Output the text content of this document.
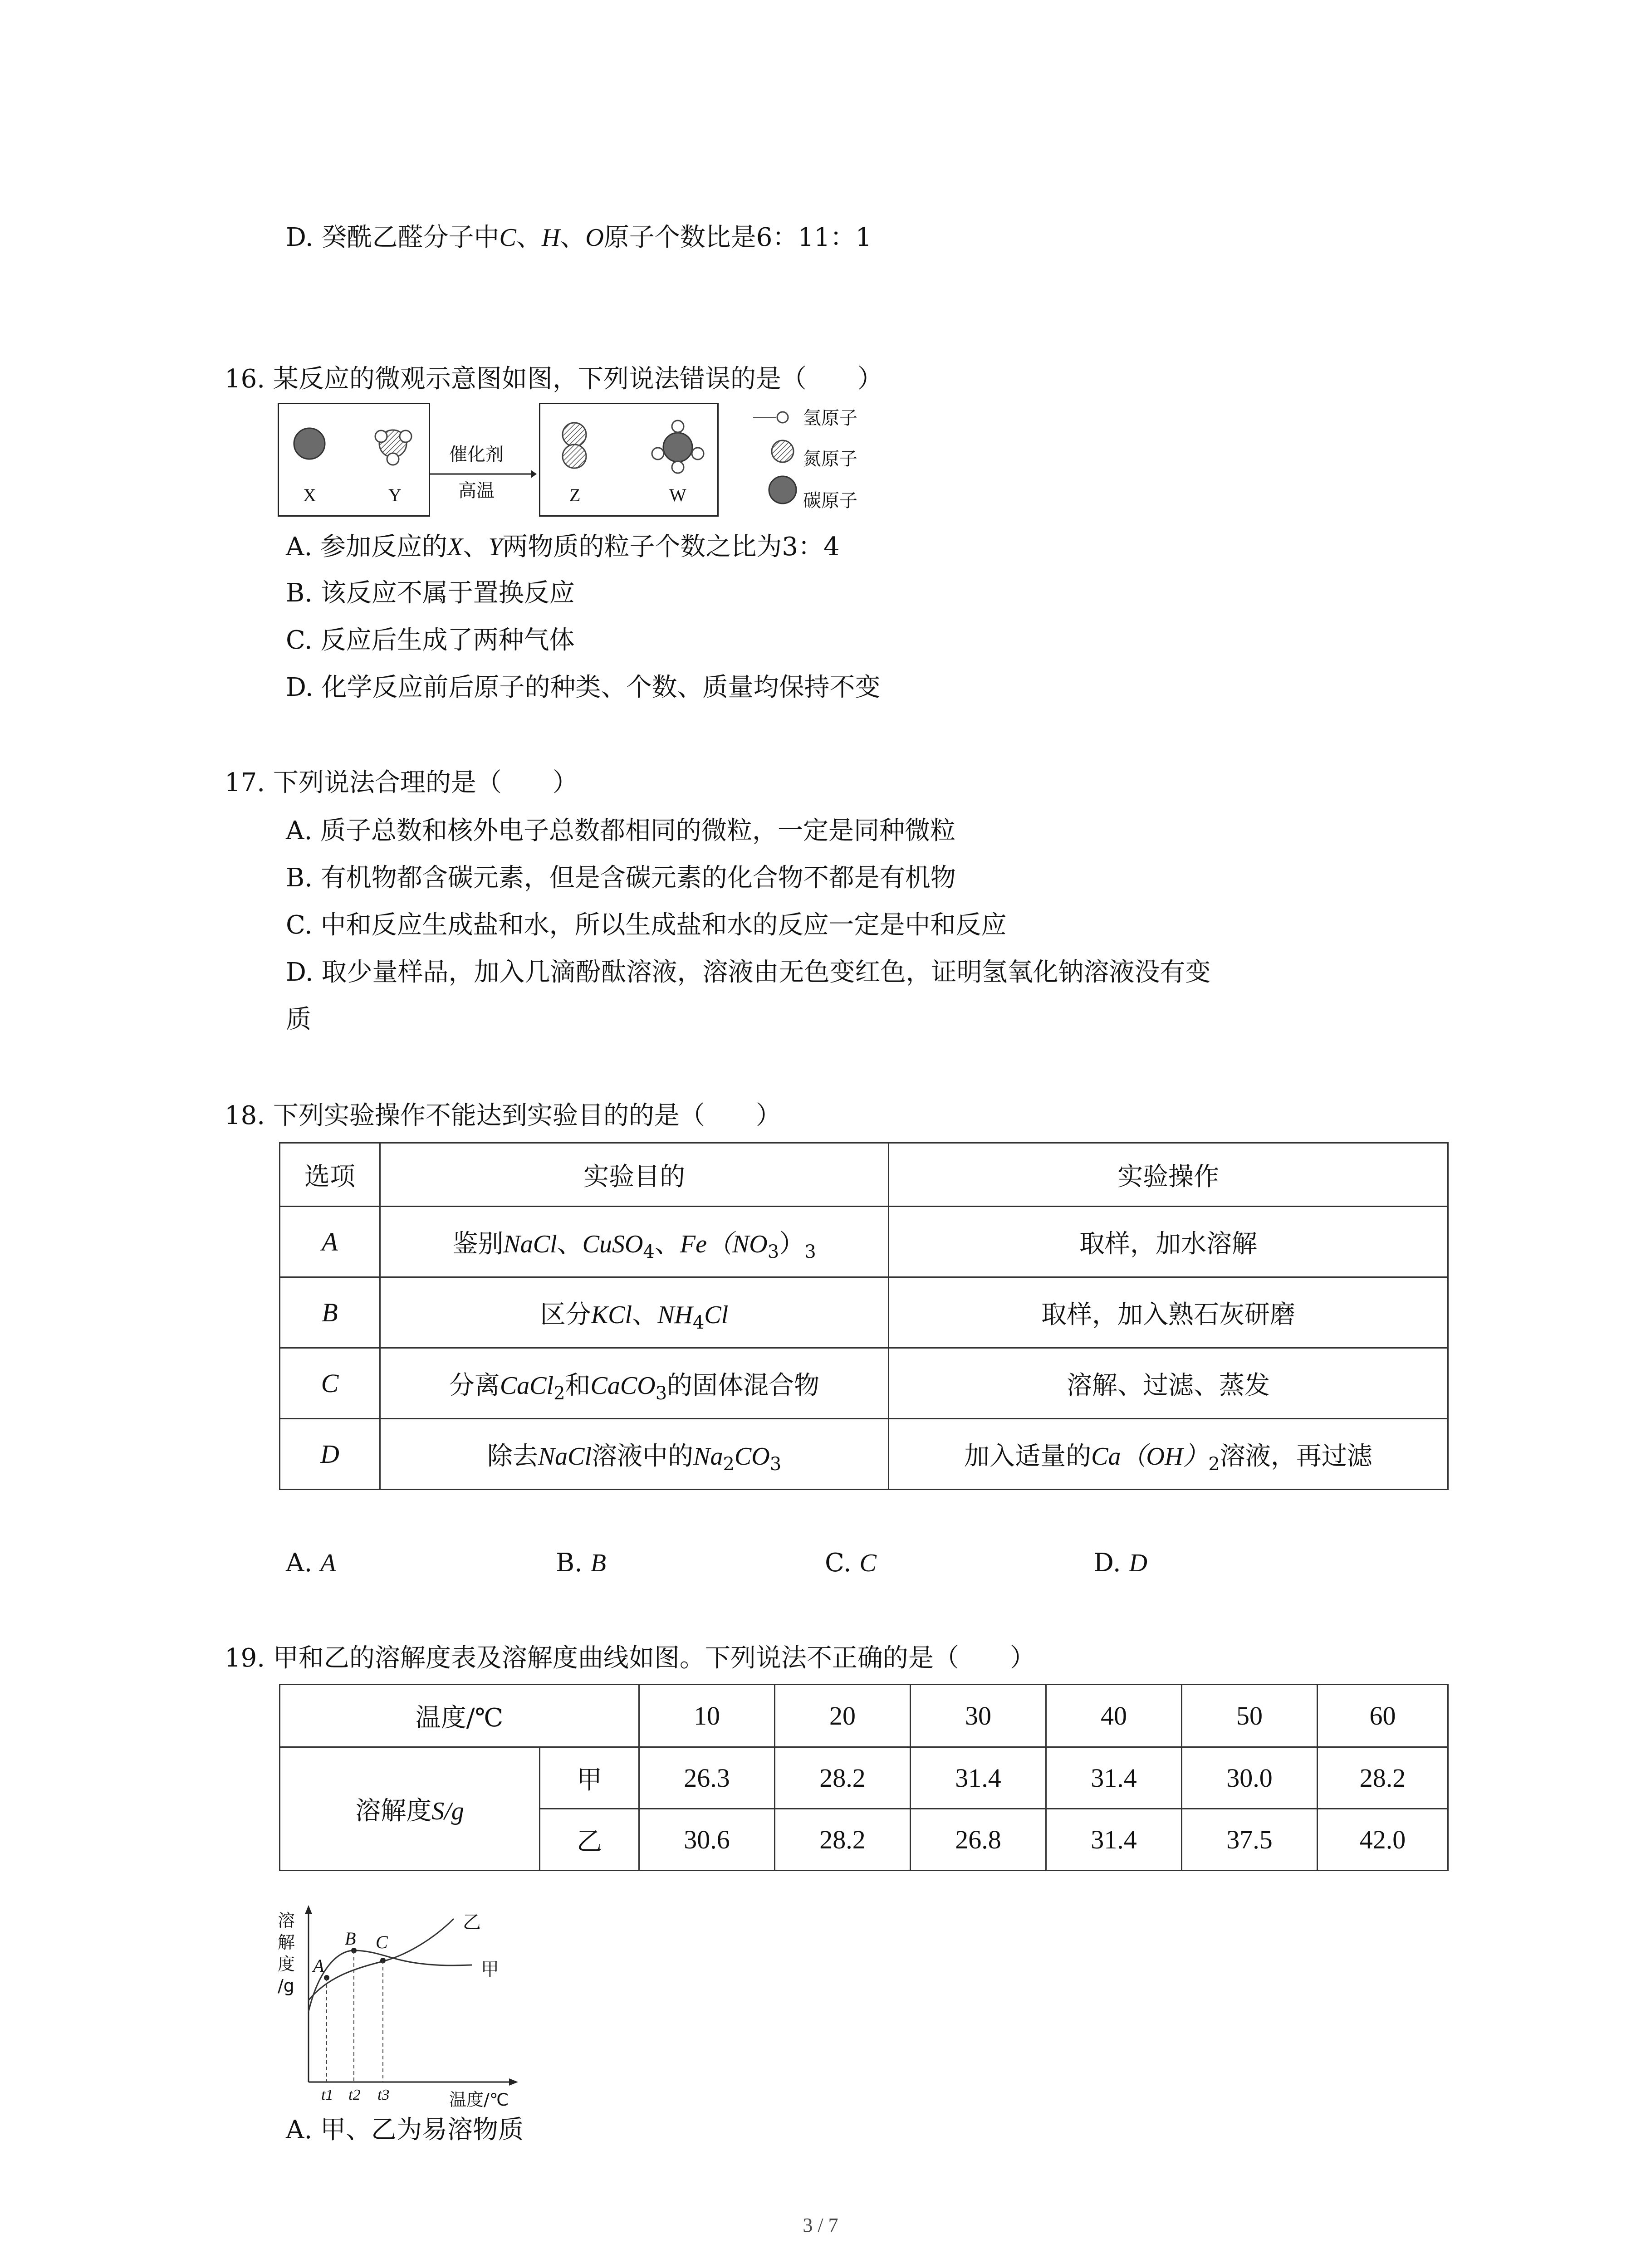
D. 癸酰乙醛分子中C、H、O原子个数比是6：11：1
16. 某反应的微观示意图如图，下列说法错误的是（　　）
X	Y
催化剂
高温	Z	W
氢原子
氮原子
碳原子
A. 参加反应的X、Y两物质的粒子个数之比为3：4
B. 该反应不属于置换反应
C. 反应后生成了两种气体
D. 化学反应前后原子的种类、个数、质量均保持不变
17. 下列说法合理的是（　　）
A. 质子总数和核外电子总数都相同的微粒，一定是同种微粒
B. 有机物都含碳元素，但是含碳元素的化合物不都是有机物
C. 中和反应生成盐和水，所以生成盐和水的反应一定是中和反应
D. 取少量样品，加入几滴酚酞溶液，溶液由无色变红色，证明氢氧化钠溶液没有变
质
18. 下列实验操作不能达到实验目的的是（　　）
选项	实验目的	实验操作
A	鉴别NaCl、CuSO$_4$、$Fe(NO_3)_3$	取样，加水溶解
B	区分KCl、$NH_4Cl$	取样，加入熟石灰研磨
C	分离CaCl$_2$和CaCO$_3$的固体混合物	溶解、过滤、蒸发
D	除去NaCl溶液中的$Na_2CO_3$	加入适量的$Ca(OH)_2$溶液，再过滤
A. A	B. B	C. C	D. D
19. 甲和乙的溶解度表及溶解度曲线如图。下列说法不正确的是（　　）
温度/℃		10	20	30	40	50	60
溶解度S/g	甲	26.3	28.2	31.4	31.4	30.0	28.2
	乙	30.6	28.2	26.8	31.4	37.5	42.0
溶
解
度
/g
乙
甲
A
B C
t1 t2 t3	温度/℃
A. 甲、乙为易溶物质
3 / 7
